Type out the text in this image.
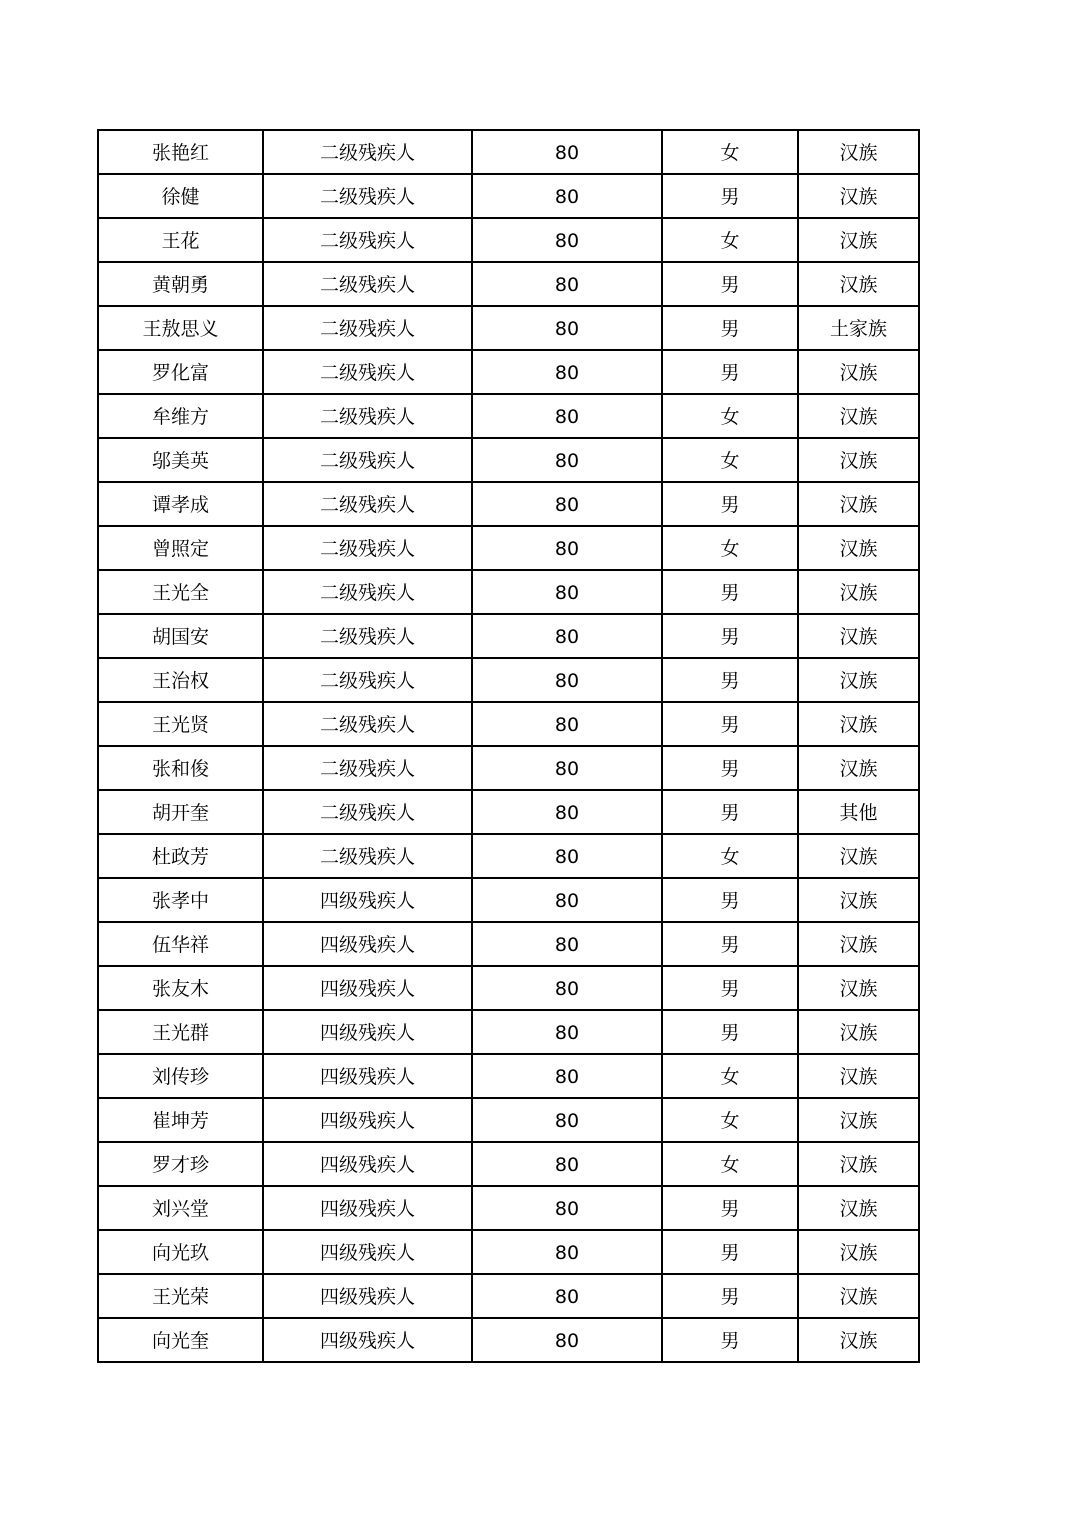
张艳红	二级残疾人	80	女	汉族
徐健	二级残疾人	80	男	汉族
王花	二级残疾人	80	女	汉族
黄朝勇	二级残疾人	80	男	汉族
王敖思义	二级残疾人	80	男	土家族
罗化富	二级残疾人	80	男	汉族
牟维方	二级残疾人	80	女	汉族
邬美英	二级残疾人	80	女	汉族
谭孝成	二级残疾人	80	男	汉族
曾照定	二级残疾人	80	女	汉族
王光全	二级残疾人	80	男	汉族
胡国安	二级残疾人	80	男	汉族
王治权	二级残疾人	80	男	汉族
王光贤	二级残疾人	80	男	汉族
张和俊	二级残疾人	80	男	汉族
胡开奎	二级残疾人	80	男	其他
杜政芳	二级残疾人	80	女	汉族
张孝中	四级残疾人	80	男	汉族
伍华祥	四级残疾人	80	男	汉族
张友木	四级残疾人	80	男	汉族
王光群	四级残疾人	80	男	汉族
刘传珍	四级残疾人	80	女	汉族
崔坤芳	四级残疾人	80	女	汉族
罗才珍	四级残疾人	80	女	汉族
刘兴堂	四级残疾人	80	男	汉族
向光玖	四级残疾人	80	男	汉族
王光荣	四级残疾人	80	男	汉族
向光奎	四级残疾人	80	男	汉族
